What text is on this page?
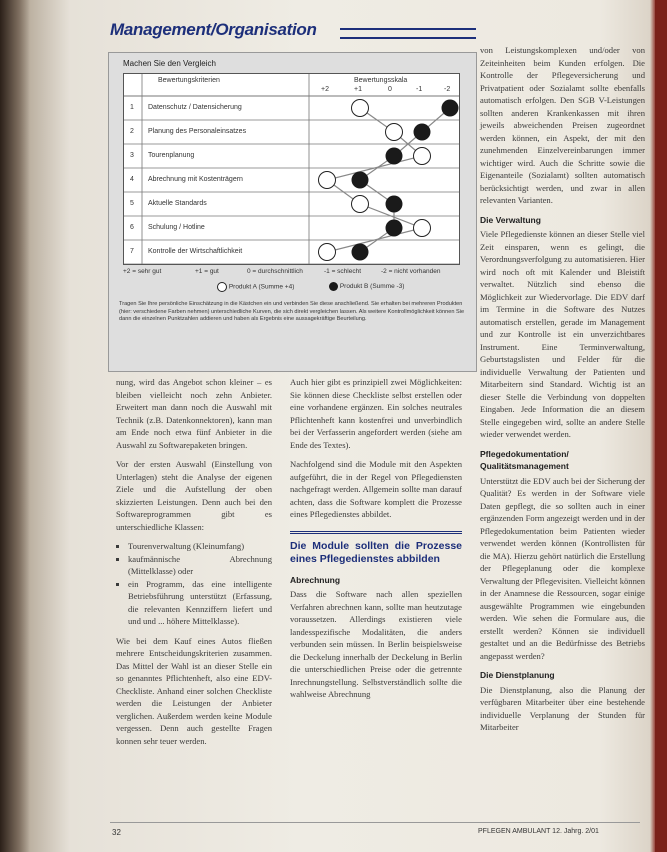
Management/Organisation
Machen Sie den Vergleich
Bewertungskriterien	Bewertungsskala
+2	+1	0	-1	-2
1 Datenschutz / Datensicherung
2 Planung des Personaleinsatzes
3 Tourenplanung
4 Abrechnung mit Kostenträgern
5 Aktuelle Standards
6 Schulung / Hotline
7 Kontrolle der Wirtschaftlichkeit
+2 = sehr gut	+1 = gut	0 = durchschnittlich	-1 = schlecht	-2 = nicht vorhanden
Produkt A (Summe +4)	Produkt B (Summe -3)
Tragen Sie Ihre persönliche Einschätzung in die Kästchen ein und verbinden Sie diese anschließend. Sie erhalten bei mehreren Produkten (hier: verschiedene Farben nehmen) unterschiedliche Kurven, die sich direkt vergleichen lassen. Als weitere Kontrollmöglichkeit können Sie dann die einzelnen Punktzahlen addieren und haben als Ergebnis eine aussagekräftige Beurteilung.

nung, wird das Angebot schon kleiner – es bleiben vielleicht noch zehn Anbieter. Erweitert man dann noch die Auswahl mit Technik (z.B. Datenkonnektoren), kann man am Ende noch etwa fünf Anbieter in die Auswahl zu Softwarepaketen bringen.

Vor der ersten Auswahl (Einstellung von Unterlagen) steht die Analyse der eigenen Ziele und die Aufstellung der oben skizzierten Leistungen. Denn auch bei den Softwareprogrammen gibt es unterschiedliche Klassen:

▪ Tourenverwaltung (Kleinumfang)
▪ kaufmännische Abrechnung (Mittelklasse) oder
▪ ein Programm, das eine intelligente Betriebsführung unterstützt (Erfassung, die relevanten Kennziffern liefert und und und ... höhere Mittelklasse).

Wie bei dem Kauf eines Autos fließen mehrere Entscheidungskriterien zusammen. Das Mittel der Wahl ist an dieser Stelle ein so genanntes Pflichtenheft, also eine EDV-Checkliste. Anhand einer solchen Checkliste werden die Leistungen der Anbieter verglichen. Außerdem werden keine Module vergessen. Denn auch gestellte Fragen konnen sehr teuer werden.

Auch hier gibt es prinzipiell zwei Möglichkeiten: Sie können diese Checkliste selbst erstellen oder eine vorhandene ergänzen. Ein solches neutrales Pflichtenheft kann kostenfrei und unverbindlich bei der Verfasserin angefordert werden (siehe am Ende des Textes).

Nachfolgend sind die Module mit den Aspekten aufgeführt, die in der Regel von Pflegediensten nachgefragt werden. Allgemein sollte man darauf achten, dass die Software komplett die Prozesse eines Pflegedienstes abbildet.

Die Module sollten die Prozesse eines Pflegedienstes abbilden
Abrechnung

Dass die Software nach allen speziellen Verfahren abrechnen kann, sollte man heutzutage voraussetzen. Allerdings existieren viele landesspezifische Modalitäten, die anders verbunden sein müssen. In Berlin beispielsweise die Deckelung innerhalb der Deckelung in Berlin die unterschiedlichen Preise oder die getrennte Inrechnungstellung. Selbstverständlich sollte die wahlweise Abrechnung

von Leistungskomplexen und/oder von Zeiteinheiten beim Kunden erfolgen. Die Kontrolle der Pflegeversicherung und Privatpatient oder Sozialamt sollte ebenfalls automatisch erfolgen. Den SGB V-Leistungen sollten anderen Krankenkassen mit ihren jeweils abweichenden Preisen zugeordnet werden können, ein Aspekt, der mit den zunehmenden Einzelvereinbarungen immer wichtiger wird. Auch die Schritte sowie die Eigenanteile (Sozialamt) sollten automatisch berücksichtigt werden, und zwar in allen relevanten Varianten.

Die Verwaltung

Viele Pflegedienste können an dieser Stelle viel Zeit einsparen, wenn es gelingt, die Verordnungsverfolgung zu automatisieren. Hier wird noch oft mit Kalender und Bleistift verwaltet. Nützlich sind ebenso die Möglichkeit zur Wiedervorlage. Die EDV darf im Termine in die Software des Nutzes automatisch erstellen, gerade im Management und zur Kontrolle ist ein unverzichtbares Instrument. Eine Terminverwaltung, Geburtstagslisten und Felder für die individuelle Verwaltung der Patienten und Mitarbeitern sind Standard. Wichtig ist an dieser Stelle die Verbindung von doppelten Eingaben. Jede Information die an diesem Stelle eingegeben wird, sollte an andere Stelle wieder verwendet werden.

Pflegedokumentation/ Qualitätsmanagement

Unterstützt die EDV auch bei der Sicherung der Qualität? Es werden in der Software viele Daten gepflegt, die so sollten auch in einer ergänzenden Form angezeigt werden und in der Pflegedokumentation beim Patienten wieder verwendet werden können (Kontrollisten für die MA). Hierzu gehört natürlich die Erstellung der Pflegeplanung oder die komplexe Verwaltung der Pflegevisiten. Vielleicht können in der Anamnese die Ressourcen, sogar einige ausgewählte Programmen wie eingebunden werden. Wie sehen die Formulare aus, die erstellt werden? Können sie individuell gestaltet und an die Bedürfnisse des Betriebs angepasst werden?

Die Dienstplanung

Die Dienstplanung, also die Planung der verfügbaren Mitarbeiter über eine bestehende individuelle Verplanung der Stunden für Mitarbeiter

32	PFLEGEN AMBULANT 12. Jahrg. 2/01
